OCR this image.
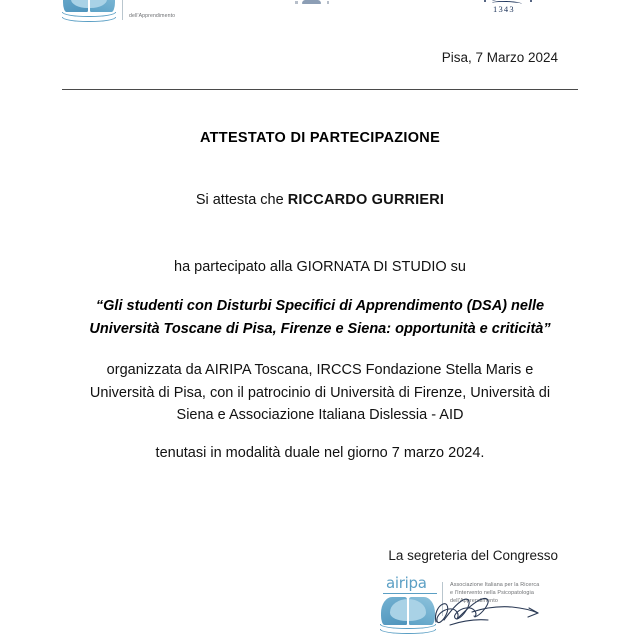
dell'Apprendimento
1343
Pisa, 7 Marzo 2024
ATTESTATO DI PARTECIPAZIONE
Si attesta che RICCARDO GURRIERI
ha partecipato alla GIORNATA DI STUDIO su
“Gli studenti con Disturbi Specifici di Apprendimento (DSA) nelle
Università Toscane di Pisa, Firenze e Siena: opportunità e criticità”
organizzata da AIRIPA Toscana, IRCCS Fondazione Stella Maris e
Università di Pisa, con il patrocinio di Università di Firenze, Università di
Siena e Associazione Italiana Dislessia - AID
tenutasi in modalità duale nel giorno 7 marzo 2024.
La segreteria del Congresso
airipa	Associazione Italiana per la Ricerca e l'Intervento nella Psicopatologia dell'Apprendimento
